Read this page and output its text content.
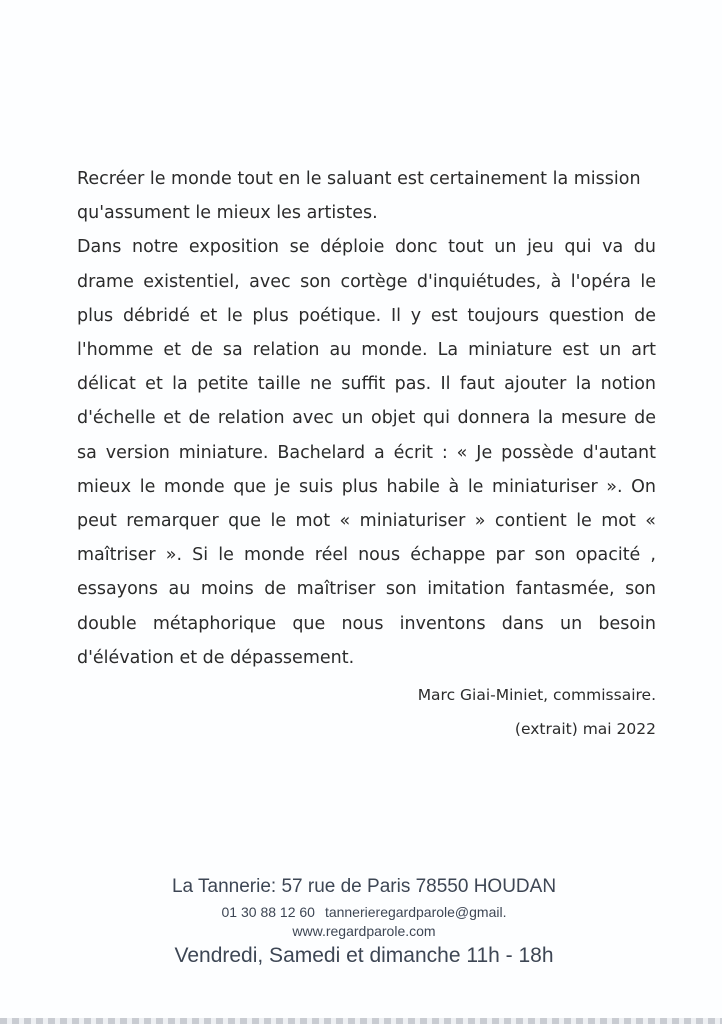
Recréer le monde tout en le saluant est certainement la mission qu'assument le mieux les artistes.

Dans notre exposition se déploie donc tout un jeu qui va du drame existentiel, avec son cortège d'inquiétudes, à l'opéra le plus débridé et le plus poétique. Il y est toujours question de l'homme et de sa relation au monde. La miniature est un art délicat et la petite taille ne suffit pas. Il faut ajouter la notion d'échelle et de relation avec un objet qui donnera la mesure de sa version miniature. Bachelard a écrit : « Je possède d'autant mieux le monde que je suis plus habile à le miniaturiser ». On peut remarquer que le mot « miniaturiser » contient le mot « maîtriser ». Si le monde réel nous échappe par son opacité , essayons au moins de maîtriser son imitation fantasmée, son double métaphorique que nous inventons dans un besoin d'élévation et de dépassement.

Marc Giai-Miniet, commissaire.
(extrait) mai 2022
La Tannerie: 57 rue de Paris 78550 HOUDAN
01 30 88 12 60 tannerieregardparole@gmail.
www.regardparole.com
Vendredi, Samedi et dimanche 11h - 18h
